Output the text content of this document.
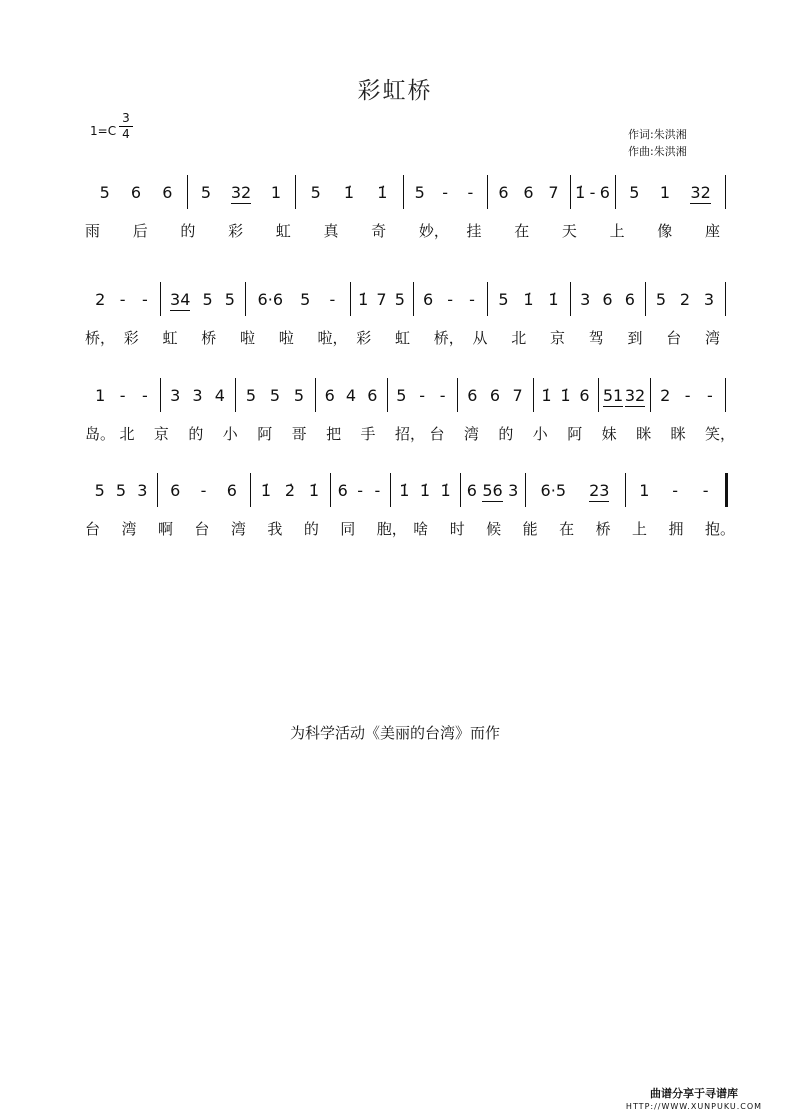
彩虹桥
$1=C \frac{3}{4}$	作词:朱洪湘
作曲:朱洪湘
5 6 6 5 32 1 5 1̇ 1̇ 5 - - 6 6 7 1̇ - 6 5 1 32
雨 后 的 彩 虹 真 奇 妙， 挂 在 天 上 像 座
2 - - 34 5 5 6·6 5 - 1̇ 7 5 6 - - 5 1̇ 1̇ 3 6 6 5 2 3
桥， 彩 虹 桥 啦 啦 啦， 彩 虹 桥， 从 北 京 驾 到 台 湾
1 - - 3 3 4 5 5 5 6 4 6 5 - - 6 6 7 1̇ 1̇ 6 51 32 2 - -
岛。 北 京 的 小 阿 哥 把 手 招， 台 湾 的 小 阿 妹 眯 眯 笑，
5 5 3 6 - 6 1̇ 2̇ 1̇ 6 - - 1̇ 1̇ 1̇ 6 56 3 6·5 23 1 - -
台 湾 啊 台 湾 我 的 同 胞， 啥 时 候 能 在 桥 上 拥 抱。
为科学活动《美丽的台湾》而作
曲谱分享于寻谱库
HTTP://WWW.XUNPUKU.COM
